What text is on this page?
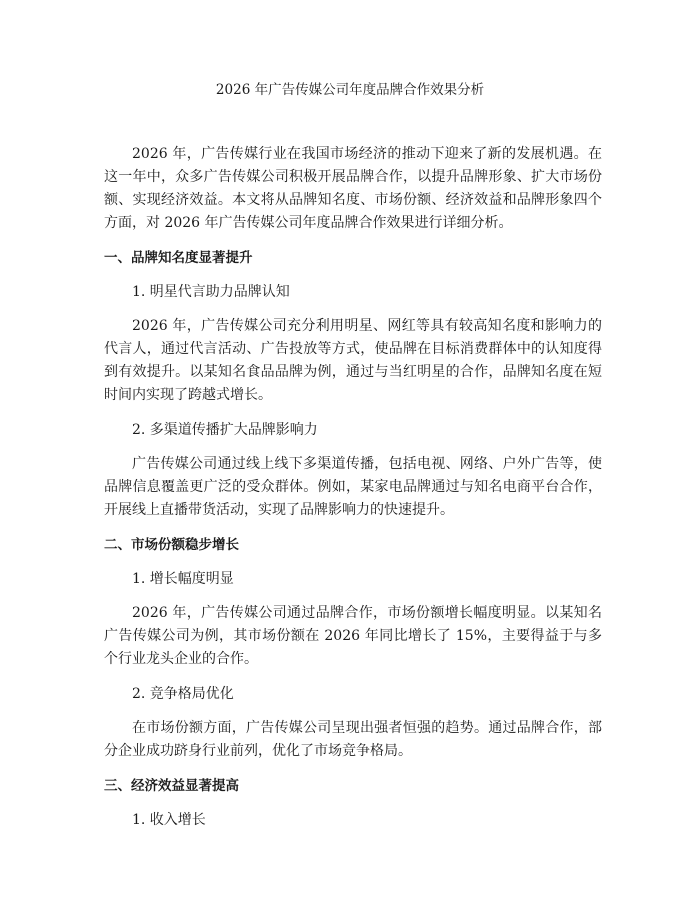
2026 年广告传媒公司年度品牌合作效果分析

2026 年，广告传媒行业在我国市场经济的推动下迎来了新的发展机遇。在这一年中，众多广告传媒公司积极开展品牌合作，以提升品牌形象、扩大市场份额、实现经济效益。本文将从品牌知名度、市场份额、经济效益和品牌形象四个方面，对 2026 年广告传媒公司年度品牌合作效果进行详细分析。

一、品牌知名度显著提升
1. 明星代言助力品牌认知

2026 年，广告传媒公司充分利用明星、网红等具有较高知名度和影响力的代言人，通过代言活动、广告投放等方式，使品牌在目标消费群体中的认知度得到有效提升。以某知名食品品牌为例，通过与当红明星的合作，品牌知名度在短时间内实现了跨越式增长。

2. 多渠道传播扩大品牌影响力

广告传媒公司通过线上线下多渠道传播，包括电视、网络、户外广告等，使品牌信息覆盖更广泛的受众群体。例如，某家电品牌通过与知名电商平台合作，开展线上直播带货活动，实现了品牌影响力的快速提升。

二、市场份额稳步增长
1. 增长幅度明显

2026 年，广告传媒公司通过品牌合作，市场份额增长幅度明显。以某知名广告传媒公司为例，其市场份额在 2026 年同比增长了 15%，主要得益于与多个行业龙头企业的合作。

2. 竞争格局优化

在市场份额方面，广告传媒公司呈现出强者恒强的趋势。通过品牌合作，部分企业成功跻身行业前列，优化了市场竞争格局。

三、经济效益显著提高
1. 收入增长
